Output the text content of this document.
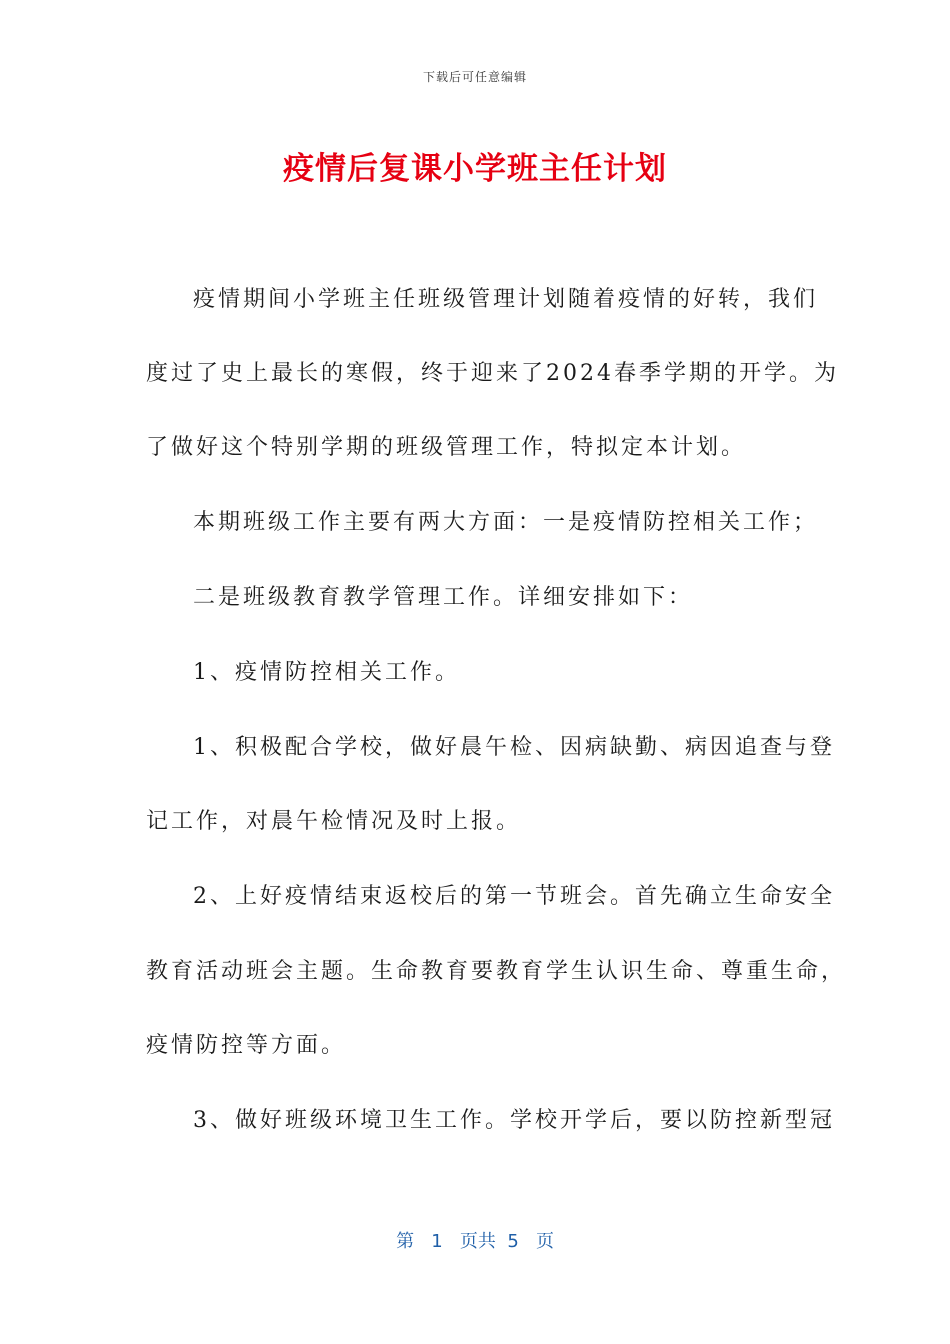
下载后可任意编辑
疫情后复课小学班主任计划
疫情期间小学班主任班级管理计划随着疫情的好转，我们
度过了史上最长的寒假，终于迎来了2024春季学期的开学。为
了做好这个特别学期的班级管理工作，特拟定本计划。
本期班级工作主要有两大方面：一是疫情防控相关工作；
二是班级教育教学管理工作。详细安排如下：
1、疫情防控相关工作。
1、积极配合学校，做好晨午检、因病缺勤、病因追查与登
记工作，对晨午检情况及时上报。
2、上好疫情结束返校后的第一节班会。首先确立生命安全
教育活动班会主题。生命教育要教育学生认识生命、尊重生命，
疫情防控等方面。
3、做好班级环境卫生工作。学校开学后，要以防控新型冠
第 1 页共 5 页
